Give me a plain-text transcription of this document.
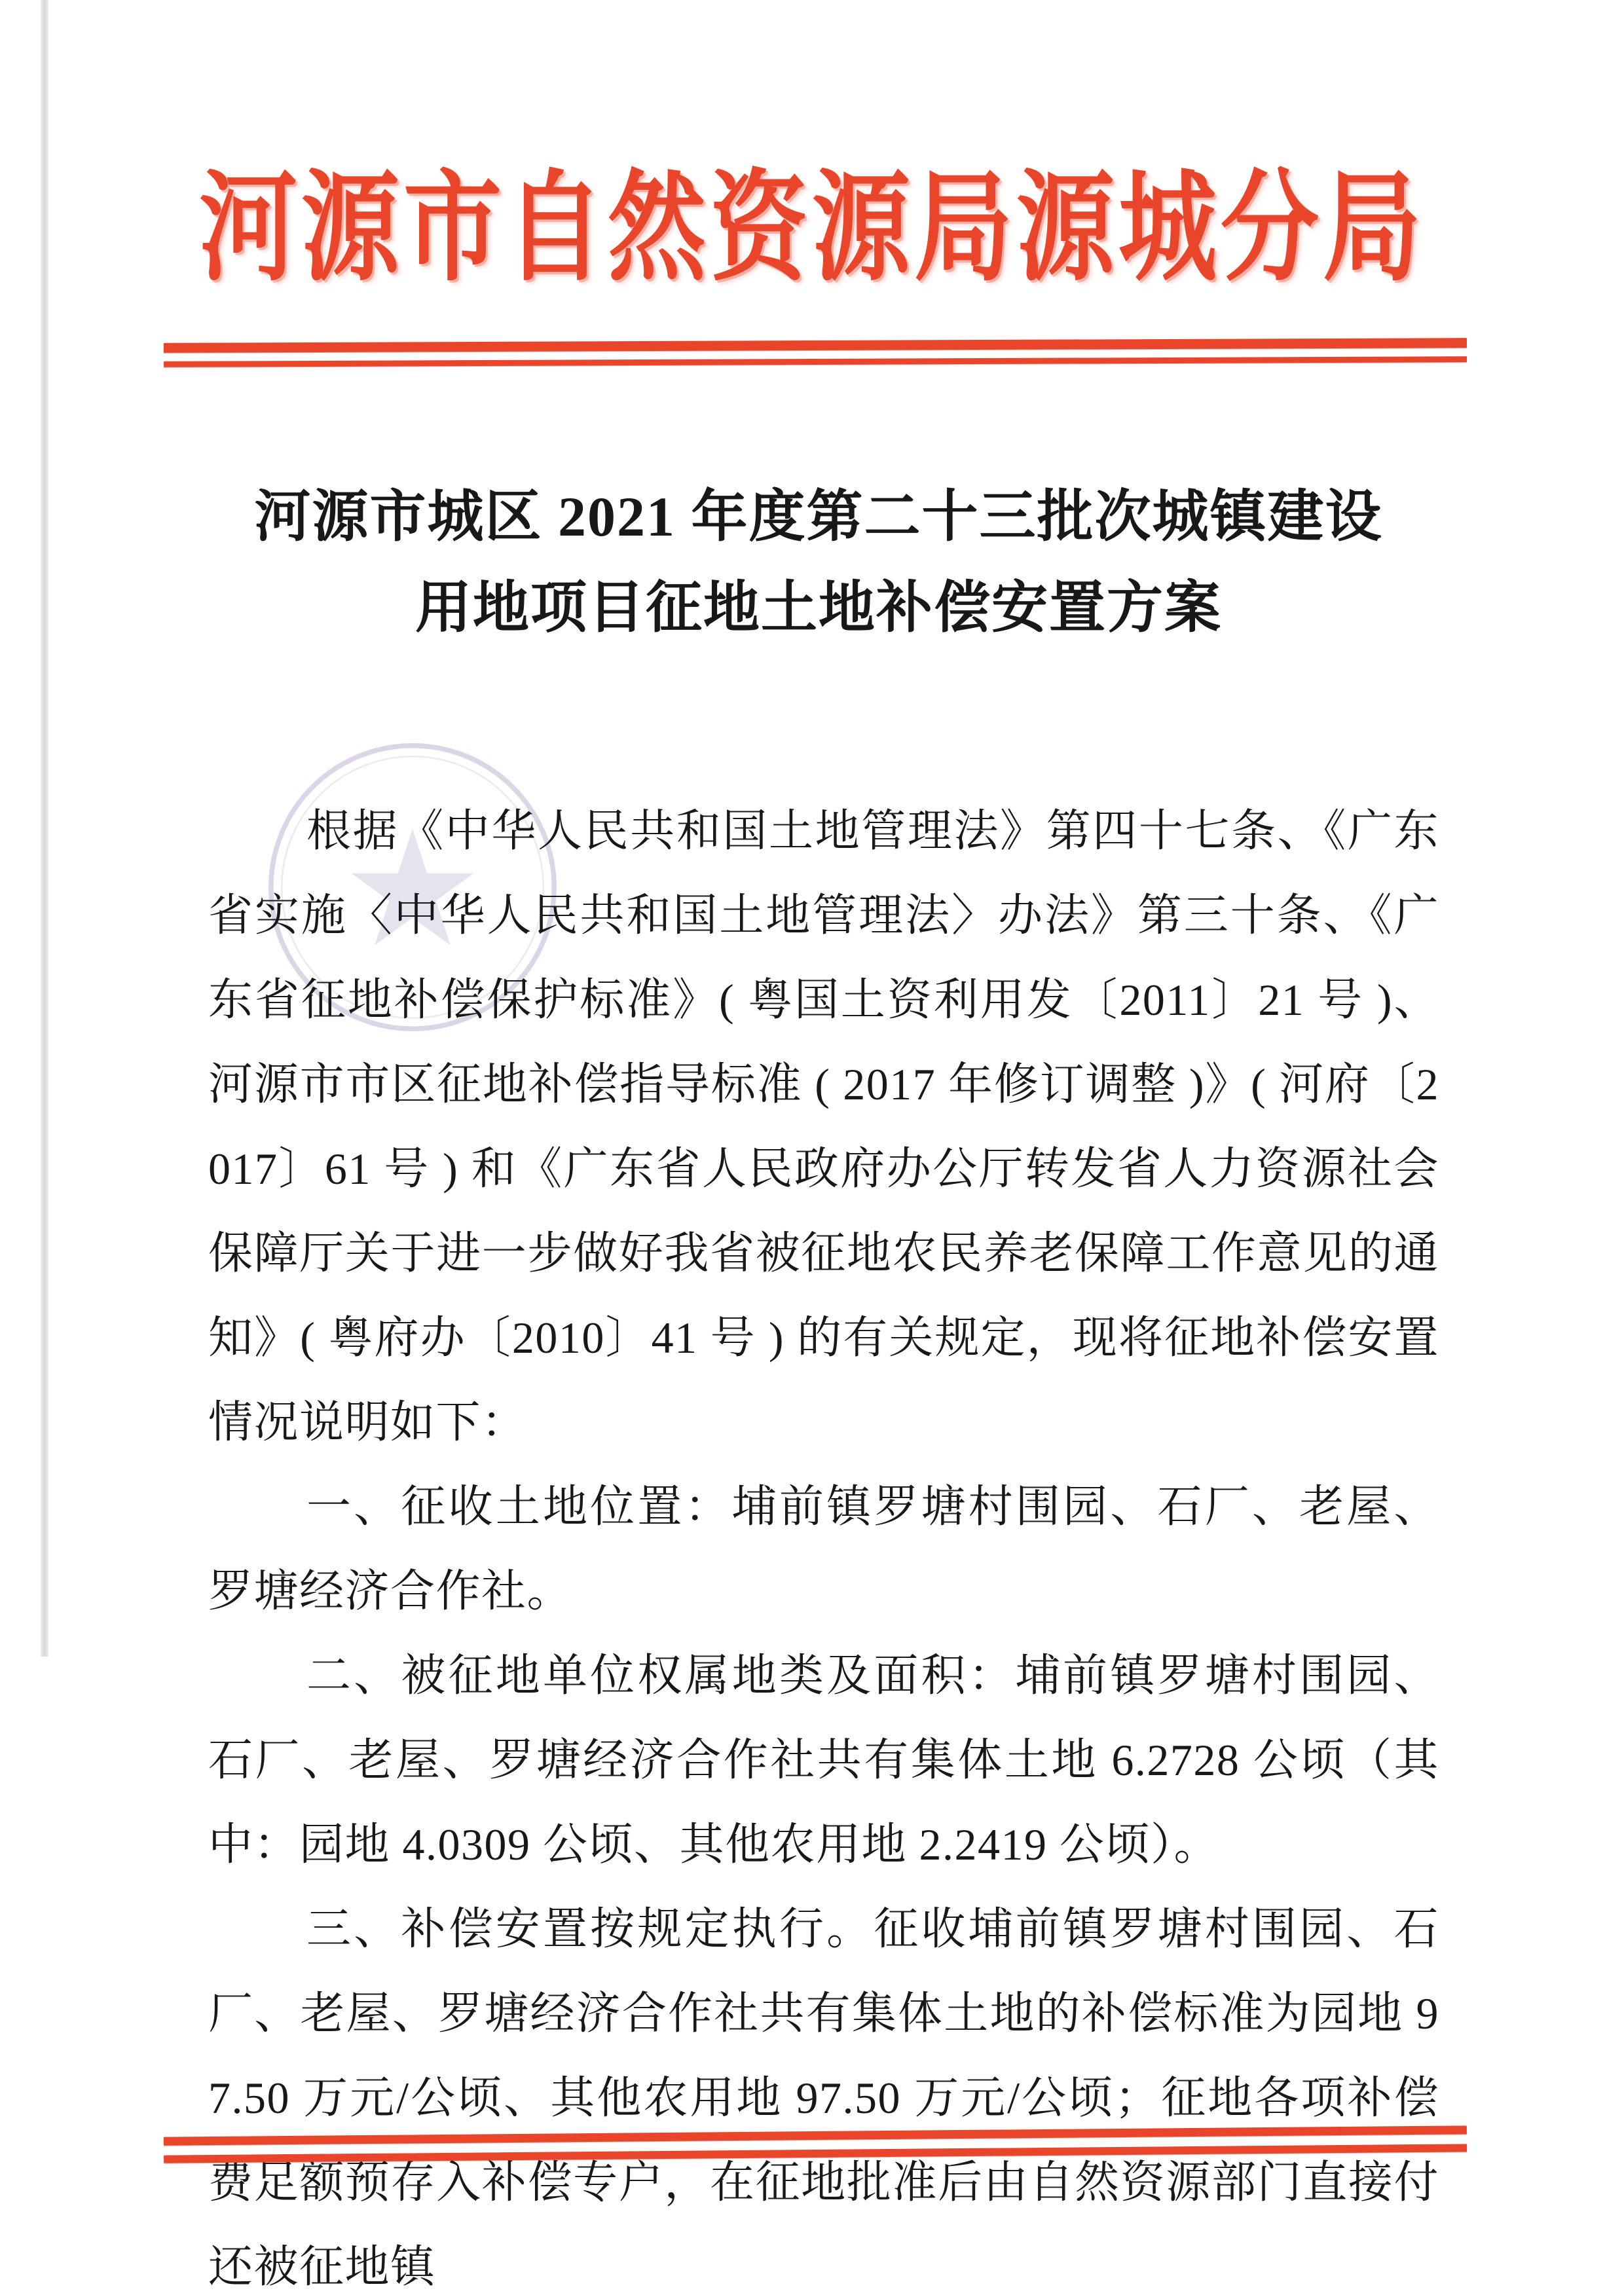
河源市自然资源局源城分局
河源市城区 2021 年度第二十三批次城镇建设
用地项目征地土地补偿安置方案

根据《中华人民共和国土地管理法》第四十七条、《广东省实施〈中华人民共和国土地管理法〉办法》第三十条、《广东省征地补偿保护标准》( 粤国土资利用发〔2011〕21 号 )、河源市市区征地补偿指导标准 ( 2017 年修订调整 )》( 河府〔2017〕61 号 ) 和《广东省人民政府办公厅转发省人力资源社会保障厅关于进一步做好我省被征地农民养老保障工作意见的通知》( 粤府办〔2010〕41 号 ) 的有关规定，现将征地补偿安置情况说明如下：

一、征收土地位置：埔前镇罗塘村围园、石厂、老屋、罗塘经济合作社。

二、被征地单位权属地类及面积：埔前镇罗塘村围园、石厂、老屋、罗塘经济合作社共有集体土地 6.2728 公顷（其中：园地 4.0309 公顷、其他农用地 2.2419 公顷）。

三、补偿安置按规定执行。征收埔前镇罗塘村围园、石厂、老屋、罗塘经济合作社共有集体土地的补偿标准为园地 97.50 万元/公顷、其他农用地 97.50 万元/公顷；征地各项补偿费足额预存入补偿专户，在征地批准后由自然资源部门直接付还被征地镇
